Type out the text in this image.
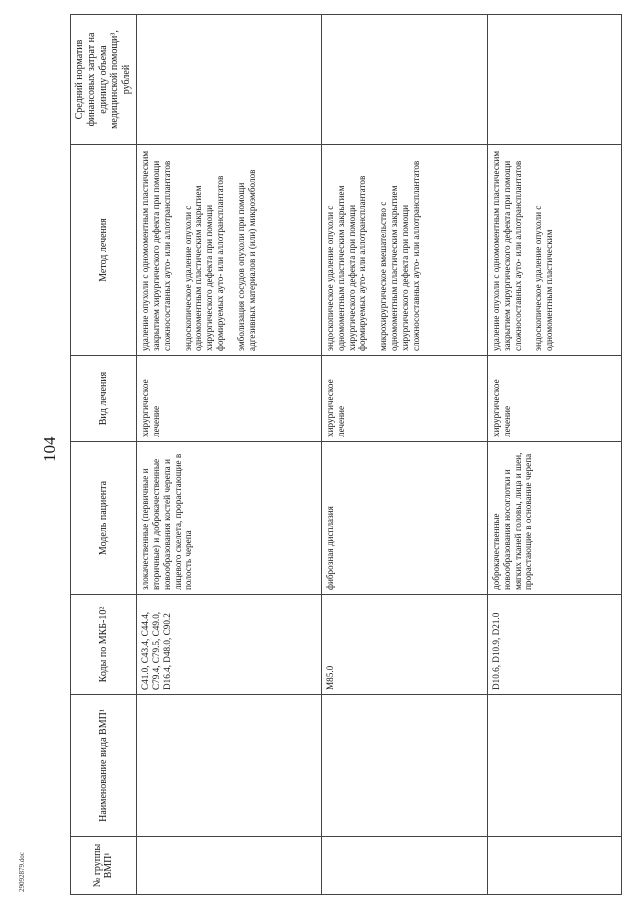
104
29092879.doc	№ группы ВМП¹	Наименование вида ВМП¹	Коды по МКБ-10²	Модель пациента	Вид лечения	Метод лечения	Средний норматив финансовых затрат на единицу объема медицинской помощи³, рублей
		C41.0, C43.4, C44.4, C79.4, C79.5, C49.0, D16.4, D48.0, C90.2	злокачественные (первичные и вторичные) и доброкачественные новообразования костей черепа и лицевого скелета, прорастающие в полость черепа	хирургическое лечение	удаление опухоли с одномоментным пластическим закрытием хирургического дефекта при помощи сложносоставных ауто- или аллотрансплантатов эндоскопическое удаление опухоли с одномоментным пластическим закрытием хирургического дефекта при помощи формируемых ауто- или аллотрансплантатов эмболизация сосудов опухоли при помощи адгезивных материалов и (или) микроэмболов	

		M85.0	фиброзная дисплазия	хирургическое лечение	эндоскопическое удаление опухоли с одномоментным пластическим закрытием хирургического дефекта при помощи формируемых ауто- или аллотрансплантатов микрохирургическое вмешательство с одномоментным пластическим закрытием хирургического дефекта при помощи сложносоставных ауто- или аллотрансплантатов	

		D10.6, D10.9, D21.0	доброкачественные новообразования носоглотки и мягких тканей головы, лица и шеи, прорастающие в основание черепа	хирургическое лечение	удаление опухоли с одномоментным пластическим закрытием хирургического дефекта при помощи сложносоставных ауто- или аллотрансплантатов эндоскопическое удаление опухоли с одномоментным пластическим	
